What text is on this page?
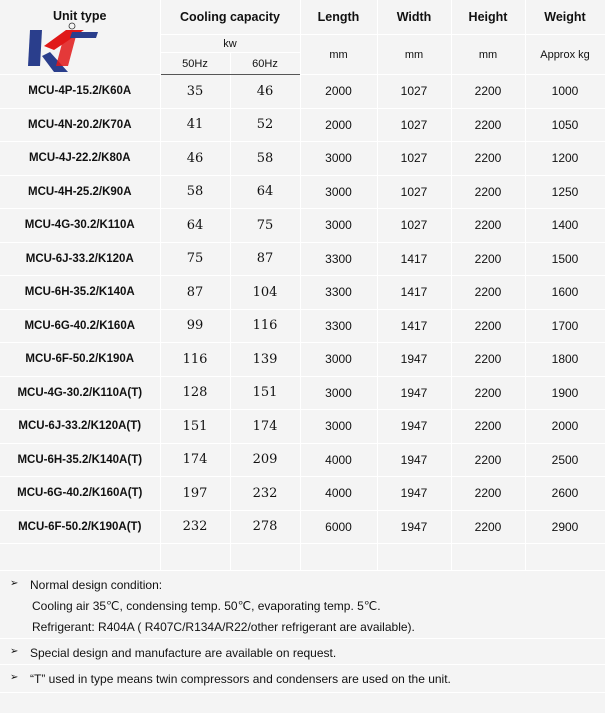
Unit type	Cooling capacity		Length	Width	Height	Weight
	kw		mm	mm	mm	Approx kg
	50Hz	60Hz				
MCU-4P-15.2/K60A	35	46	2000	1027	2200	1000
MCU-4N-20.2/K70A	41	52	2000	1027	2200	1050
MCU-4J-22.2/K80A	46	58	3000	1027	2200	1200
MCU-4H-25.2/K90A	58	64	3000	1027	2200	1250
MCU-4G-30.2/K110A	64	75	3000	1027	2200	1400
MCU-6J-33.2/K120A	75	87	3300	1417	2200	1500
MCU-6H-35.2/K140A	87	104	3300	1417	2200	1600
MCU-6G-40.2/K160A	99	116	3300	1417	2200	1700
MCU-6F-50.2/K190A	116	139	3000	1947	2200	1800
MCU-4G-30.2/K110A(T)	128	151	3000	1947	2200	1900
MCU-6J-33.2/K120A(T)	151	174	3000	1947	2200	2000
MCU-6H-35.2/K140A(T)	174	209	4000	1947	2200	2500
MCU-6G-40.2/K160A(T)	197	232	4000	1947	2200	2600
MCU-6F-50.2/K190A(T)	232	278	6000	1947	2200	2900

➢ Normal design condition:
Cooling air 35℃, condensing temp. 50℃, evaporating temp. 5℃.
Refrigerant: R404A ( R407C/R134A/R22/other refrigerant are available).
➢ Special design and manufacture are available on request.
➢ “T” used in type means twin compressors and condensers are used on the unit.
